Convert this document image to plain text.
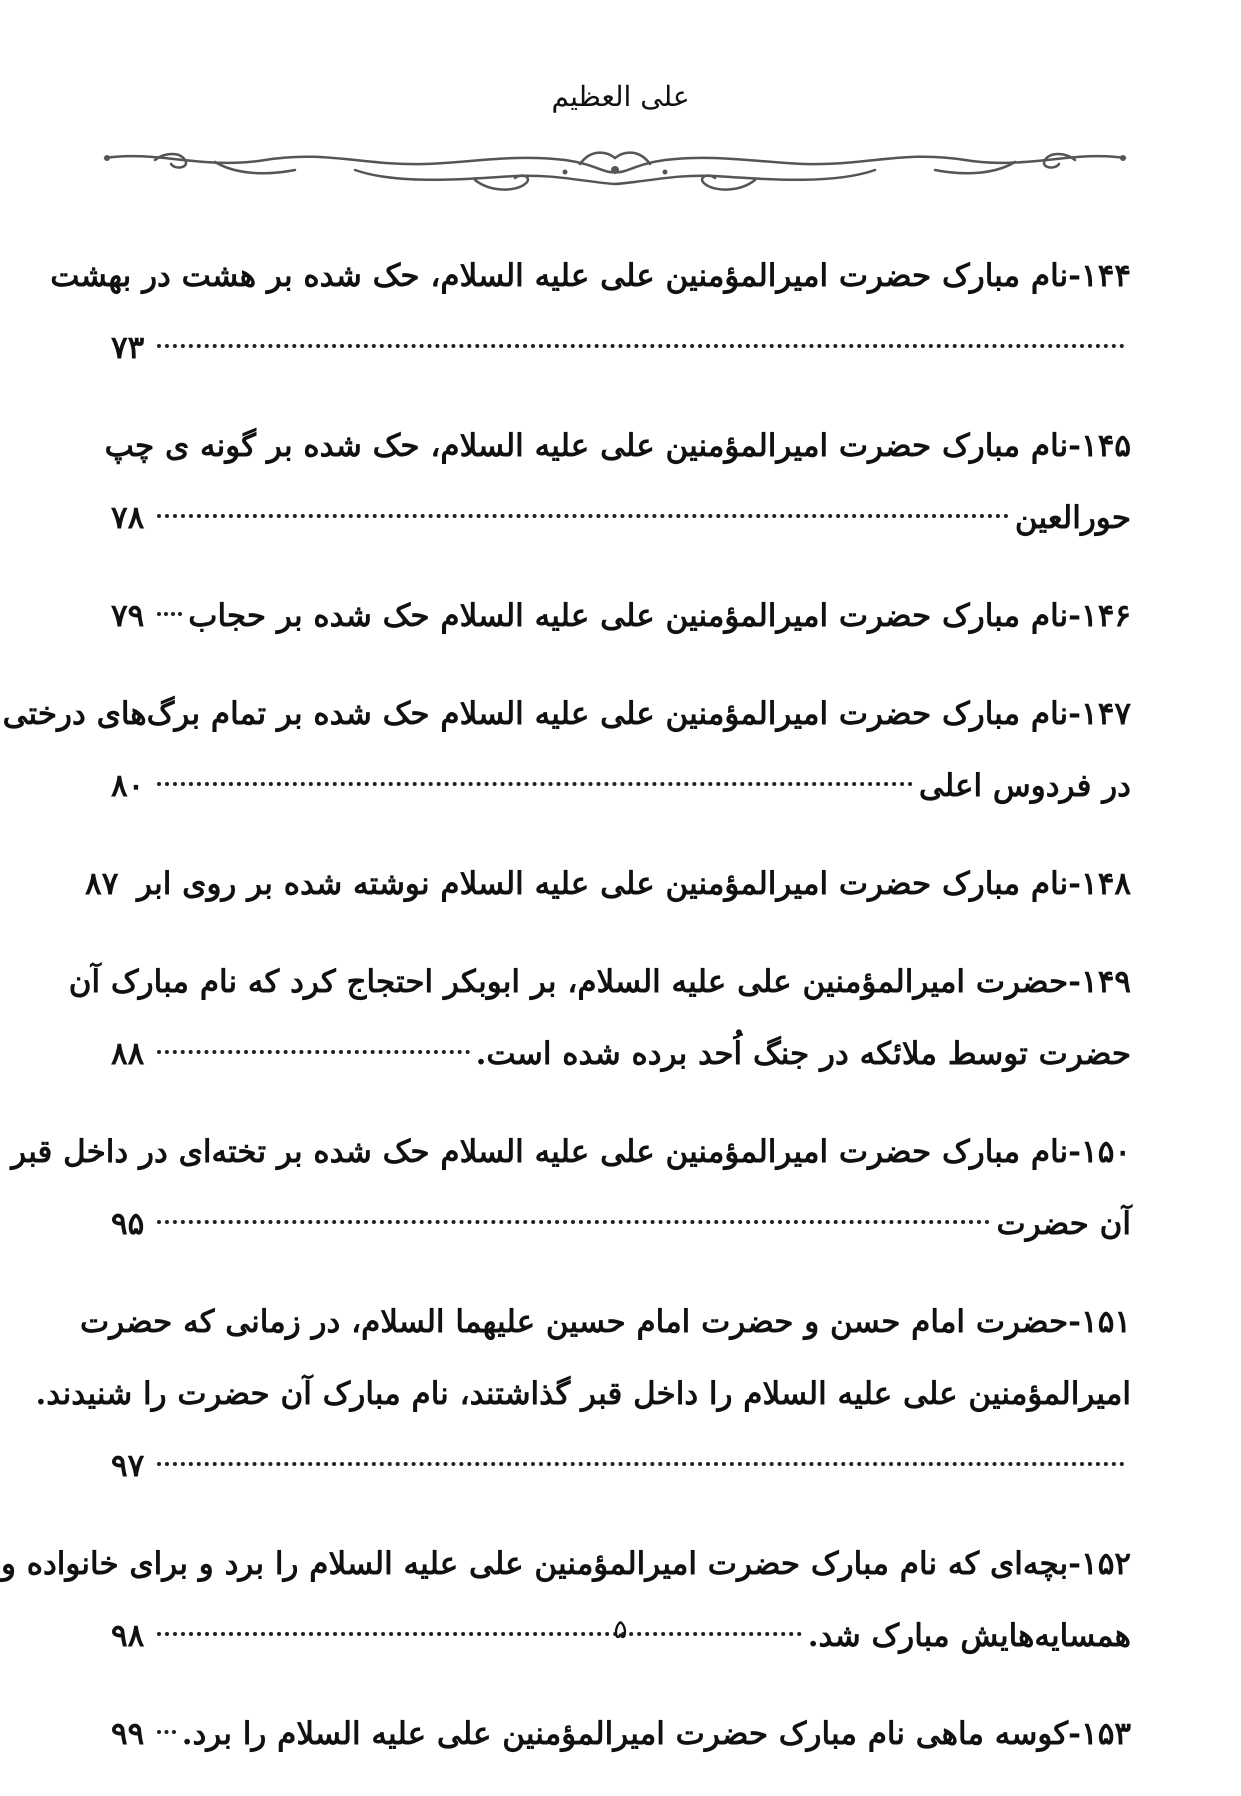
علی العظیم
۱۴۴-نام مبارک حضرت امیرالمؤمنین علی علیه السلام، حک شده بر هشت در بهشت
۷۳
۱۴۵-نام مبارک حضرت امیرالمؤمنین علی علیه السلام، حک شده بر گونه ی چپ
حورالعین
۷۸
۱۴۶-نام مبارک حضرت امیرالمؤمنین علی علیه السلام حک شده بر حجاب
۷۹
۱۴۷-نام مبارک حضرت امیرالمؤمنین علی علیه السلام حک شده بر تمام برگ‌های درختی
در فردوس اعلی
۸۰
۱۴۸-نام مبارک حضرت امیرالمؤمنین علی علیه السلام نوشته شده بر روی ابر
۸۷
۱۴۹-حضرت امیرالمؤمنین علی علیه السلام، بر ابوبکر احتجاج کرد که نام مبارک آن
حضرت توسط ملائکه در جنگ اُحد برده شده است.
۸۸
۱۵۰-نام مبارک حضرت امیرالمؤمنین علی علیه السلام حک شده بر تخته‌ای در داخل قبر
آن حضرت
۹۵
۱۵۱-حضرت امام حسن و حضرت امام حسین علیهما السلام، در زمانی که حضرت
امیرالمؤمنین علی علیه السلام را داخل قبر گذاشتند، نام مبارک آن حضرت را شنیدند.
۹۷
۱۵۲-بچه‌ای که نام مبارک حضرت امیرالمؤمنین علی علیه السلام را برد و برای خانواده و
همسایه‌هایش مبارک شد.
۹۸
۱۵۳-کوسه ماهی نام مبارک حضرت امیرالمؤمنین علی علیه السلام را برد.
۹۹
۵
